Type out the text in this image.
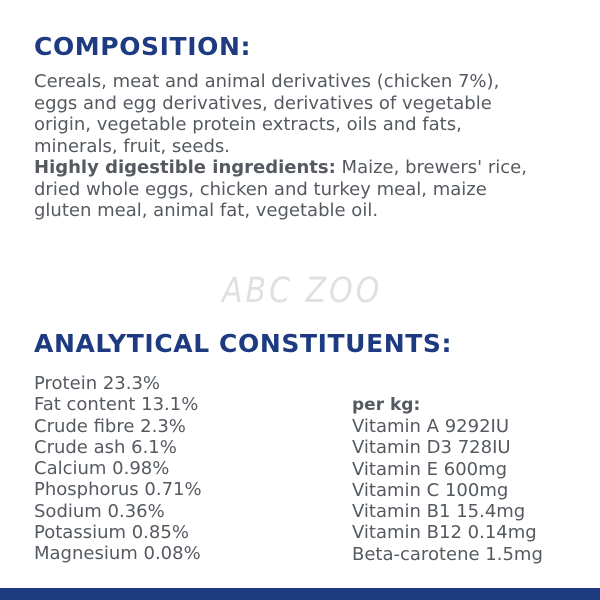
COMPOSITION:

Cereals, meat and animal derivatives (chicken 7%),
eggs and egg derivatives, derivatives of vegetable
origin, vegetable protein extracts, oils and fats,
minerals, fruit, seeds.
Highly digestible ingredients: Maize, brewers' rice,
dried whole eggs, chicken and turkey meal, maize
gluten meal, animal fat, vegetable oil.

ABC ZOO
ANALYTICAL CONSTITUENTS:
Protein 23.3%
Fat content 13.1%
Crude fibre 2.3%
Crude ash 6.1%
Calcium 0.98%
Phosphorus 0.71%
Sodium 0.36%
Potassium 0.85%
Magnesium 0.08%
per kg:
Vitamin A 9292IU
Vitamin D3 728IU
Vitamin E 600mg
Vitamin C 100mg
Vitamin B1 15.4mg
Vitamin B12 0.14mg
Beta-carotene 1.5mg
